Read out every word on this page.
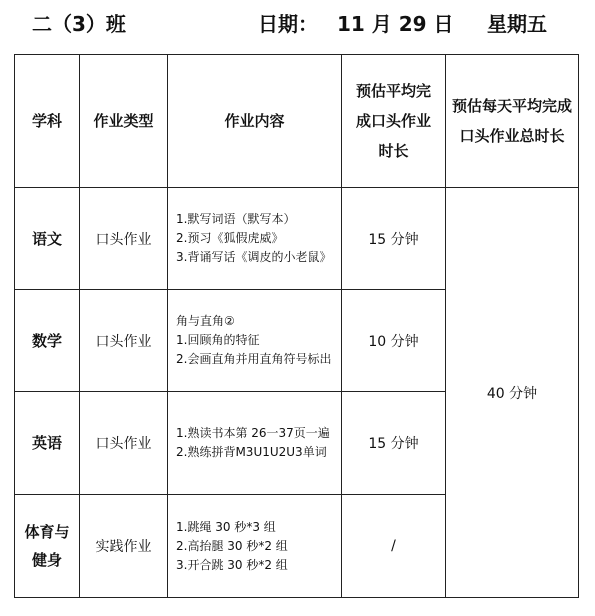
二（3）班	日期： 11 月 29 日 星期五
学科	作业类型	作业内容	预估平均完成口头作业时长	预估每天平均完成口头作业总时长
语文	口头作业	1.默写词语（默写本）
2.预习《狐假虎威》
3.背诵写话《调皮的小老鼠》	15 分钟	40 分钟
数学	口头作业	角与直角②
1.回顾角的特征
2.会画直角并用直角符号标出	10 分钟	
英语	口头作业	1.熟读书本第 26一37页一遍
2.熟练拼背M3U1U2U3单词	15 分钟	
体育与健身	实践作业	1.跳绳 30 秒*3 组
2.高抬腿 30 秒*2 组
3.开合跳 30 秒*2 组	/	
